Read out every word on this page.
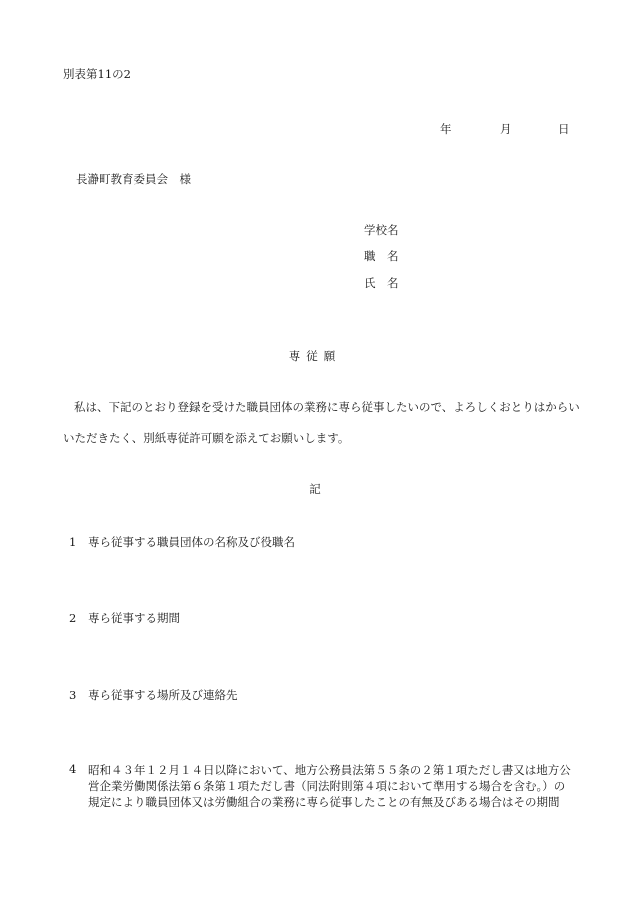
別表第11の2
年	月	日
長瀞町教育委員会　様
学校名
職　名
氏　名
専従願
私は、下記のとおり登録を受けた職員団体の業務に専ら従事したいので、よろしくおとりはからいいただきたく、別紙専従許可願を添えてお願いします。
記
1 専ら従事する職員団体の名称及び役職名
2 専ら従事する期間
3 専ら従事する場所及び連絡先
4 昭和４３年１２月１４日以降において、地方公務員法第５５条の２第１項ただし書又は地方公営企業労働関係法第６条第１項ただし書（同法附則第４項において準用する場合を含む。）の規定により職員団体又は労働組合の業務に専ら従事したことの有無及びある場合はその期間
